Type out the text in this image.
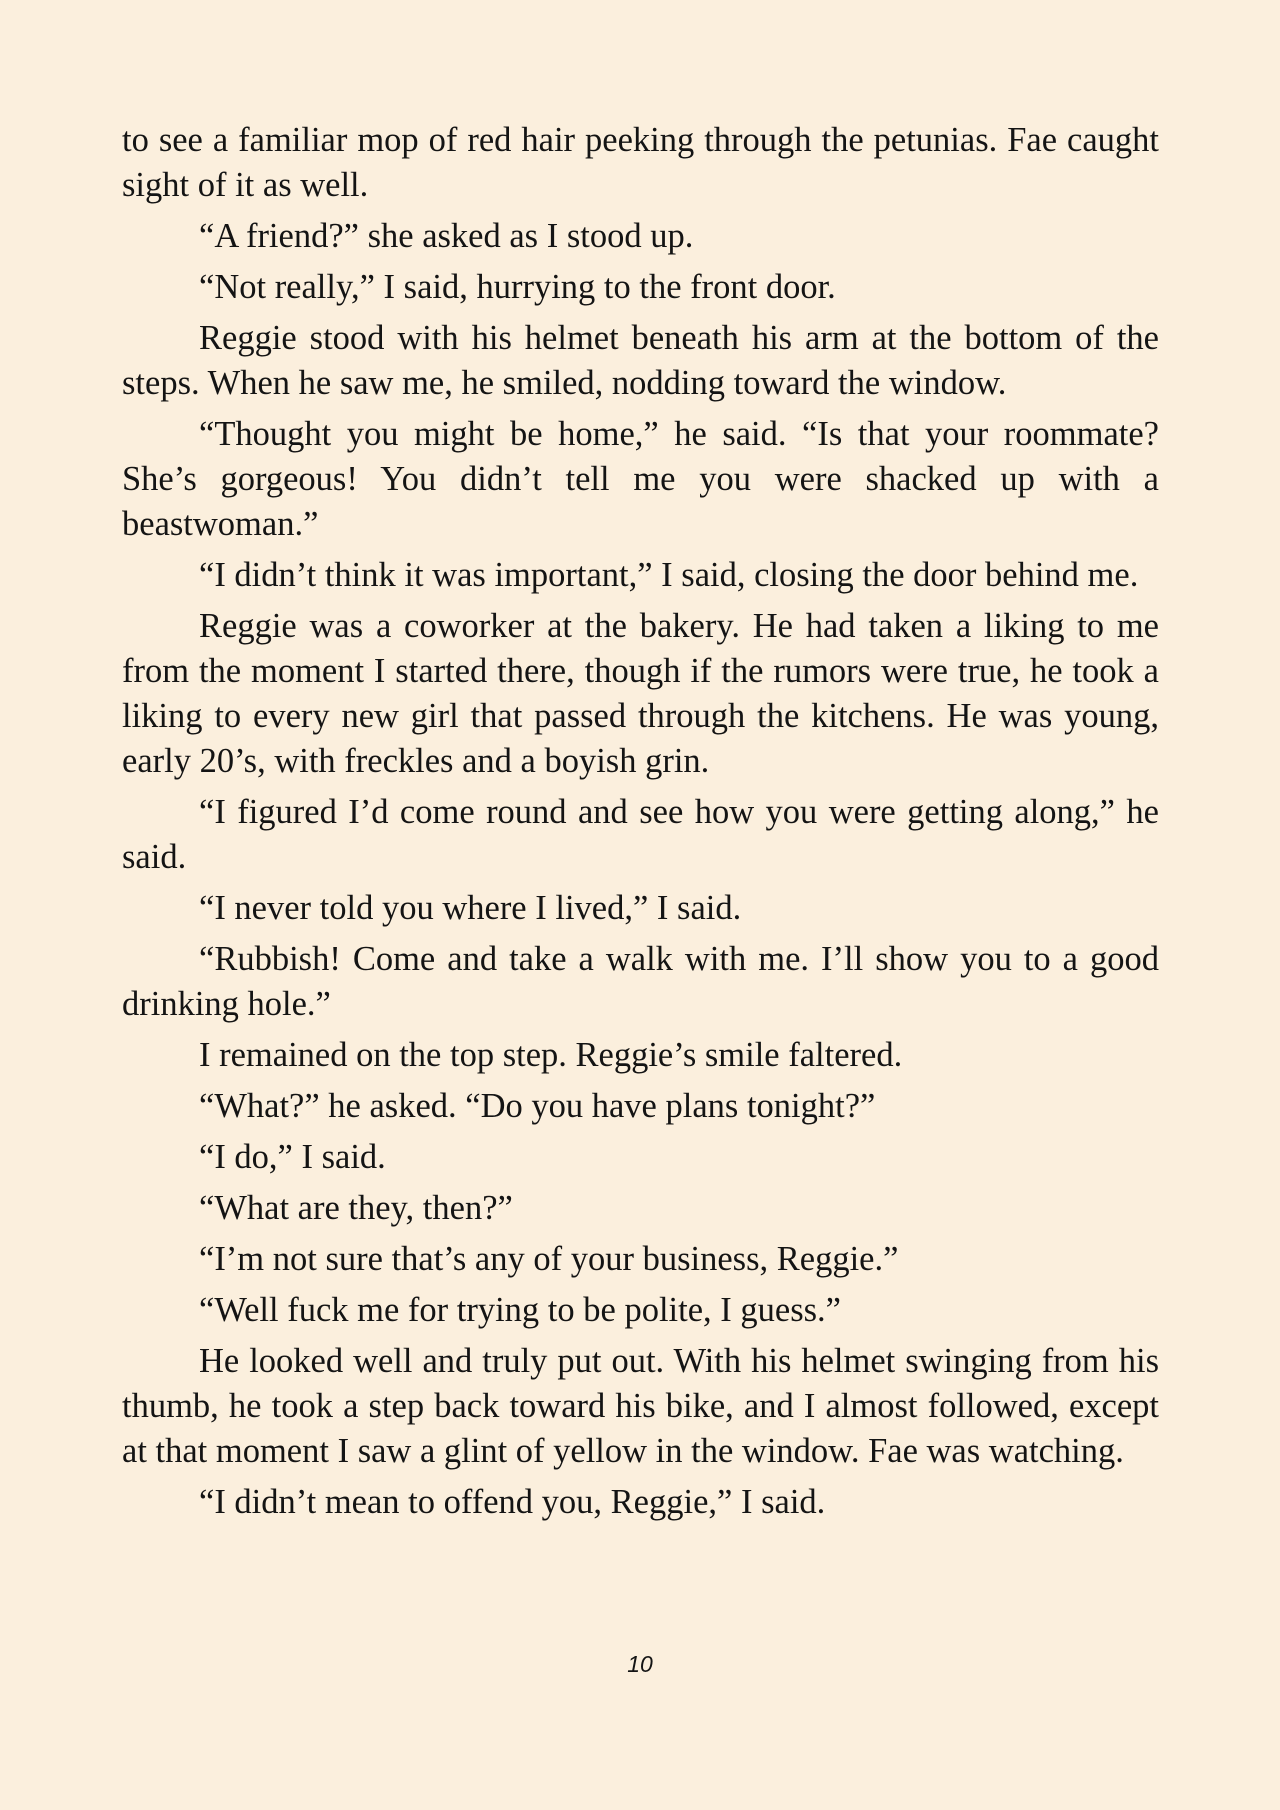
to see a familiar mop of red hair peeking through the petunias. Fae caught sight of it as well.

“A friend?” she asked as I stood up.

“Not really,” I said, hurrying to the front door.

Reggie stood with his helmet beneath his arm at the bottom of the steps. When he saw me, he smiled, nodding toward the window.

“Thought you might be home,” he said. “Is that your roommate? She’s gorgeous! You didn’t tell me you were shacked up with a beastwoman.”

“I didn’t think it was important,” I said, closing the door behind me.

Reggie was a coworker at the bakery. He had taken a liking to me from the moment I started there, though if the rumors were true, he took a liking to every new girl that passed through the kitchens. He was young, early 20’s, with freckles and a boyish grin.

“I figured I’d come round and see how you were getting along,” he said.

“I never told you where I lived,” I said.

“Rubbish! Come and take a walk with me. I’ll show you to a good drinking hole.”

I remained on the top step. Reggie’s smile faltered.

“What?” he asked. “Do you have plans tonight?”

“I do,” I said.

“What are they, then?”

“I’m not sure that’s any of your business, Reggie.”

“Well fuck me for trying to be polite, I guess.”

He looked well and truly put out. With his helmet swinging from his thumb, he took a step back toward his bike, and I almost followed, except at that moment I saw a glint of yellow in the window. Fae was watching.

“I didn’t mean to offend you, Reggie,” I said.

10
